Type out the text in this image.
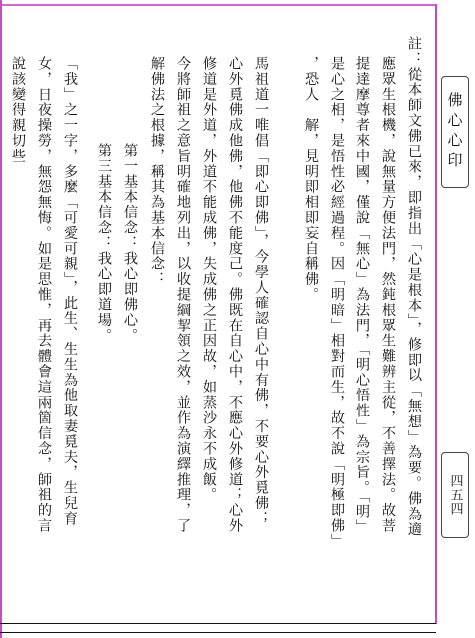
佛心心印
四五四
註：從本師文佛已來，即指出「心是根本」，修即以「無想」為要。佛為適
應眾生根機，說無量方便法門，然鈍根眾生難辨主從，不善擇法。故菩
提達摩尊者來中國，僅說「無心」為法門，「明心悟性」為宗旨。「明」
是心之相，是悟性必經過程。因「明暗」相對而生，故不說「明極即佛」
，恐人　解，見明即相即妄自稱佛。
馬祖道一唯倡「即心即佛」，今學人確認自心中有佛，不要心外覓佛；
心外覓佛成他佛，他佛不能度己。佛既在自心中，不應心外修道；心外
修道是外道，外道不能成佛，失成佛之正因故，如蒸沙永不成飯。
今將師祖之意旨明確地列出，以收提綱挈領之效，並作為演繹推理，了
解佛法之根據，稱其為基本信念：
第一基本信念：我心即佛心。
第三基本信念：我心即道場。
「我」之一字，多麼「可愛可親」，此生、生生為他取妻覓夫，生兒育
女，日夜操勞，無怨無悔。如是思惟，再去體會這兩箇信念，師祖的言
說該變得親切些
